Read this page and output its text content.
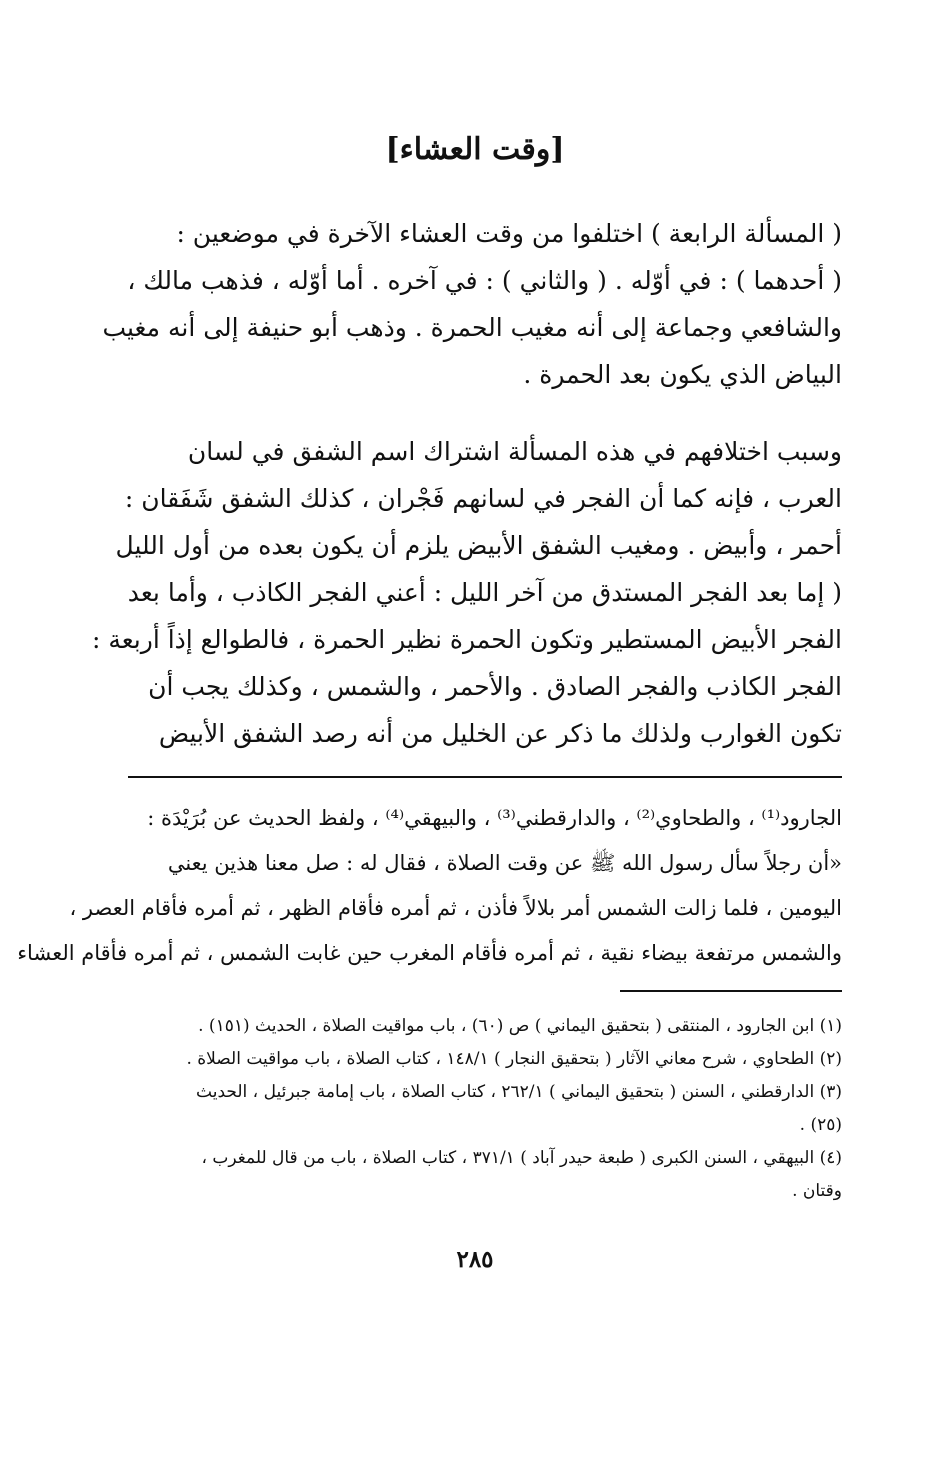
[وقت العشاء]
( المسألة الرابعة ) اختلفوا من وقت العشاء الآخرة في موضعين :
( أحدهما ) : في أوّله . ( والثاني ) : في آخره . أما أوّله ، فذهب مالك ،
والشافعي وجماعة إلى أنه مغيب الحمرة . وذهب أبو حنيفة إلى أنه مغيب
البياض الذي يكون بعد الحمرة .
وسبب اختلافهم في هذه المسألة اشتراك اسم الشفق في لسان
العرب ، فإنه كما أن الفجر في لسانهم فَجْران ، كذلك الشفق شَفَقان :
أحمر ، وأبيض . ومغيب الشفق الأبيض يلزم أن يكون بعده من أول الليل
( إما بعد الفجر المستدق من آخر الليل : أعني الفجر الكاذب ، وأما بعد
الفجر الأبيض المستطير وتكون الحمرة نظير الحمرة ، فالطوالع إذاً أربعة :
الفجر الكاذب والفجر الصادق . والأحمر ، والشمس ، وكذلك يجب أن
تكون الغوارب ولذلك ما ذكر عن الخليل من أنه رصد الشفق الأبيض
الجارود⁽¹⁾ ، والطحاوي⁽²⁾ ، والدارقطني⁽³⁾ ، والبيهقي⁽⁴⁾ ، ولفظ الحديث عن بُرَيْدَة :
«أن رجلاً سأل رسول الله ﷺ عن وقت الصلاة ، فقال له : صل معنا هذين يعني
اليومين ، فلما زالت الشمس أمر بلالاً فأذن ، ثم أمره فأقام الظهر ، ثم أمره فأقام العصر ،
والشمس مرتفعة بيضاء نقية ، ثم أمره فأقام المغرب حين غابت الشمس ، ثم أمره فأقام العشاء
(١) ابن الجارود ، المنتقى ( بتحقيق اليماني ) ص (٦٠) ، باب مواقيت الصلاة ، الحديث (١٥١) .
(٢) الطحاوي ، شرح معاني الآثار ( بتحقيق النجار ) ١٤٨/١ ، كتاب الصلاة ، باب مواقيت الصلاة .
(٣) الدارقطني ، السنن ( بتحقيق اليماني ) ٢٦٢/١ ، كتاب الصلاة ، باب إمامة جبرئيل ، الحديث
(٢٥) .
(٤) البيهقي ، السنن الكبرى ( طبعة حيدر آباد ) ٣٧١/١ ، كتاب الصلاة ، باب من قال للمغرب ،
وقتان .
٢٨٥
